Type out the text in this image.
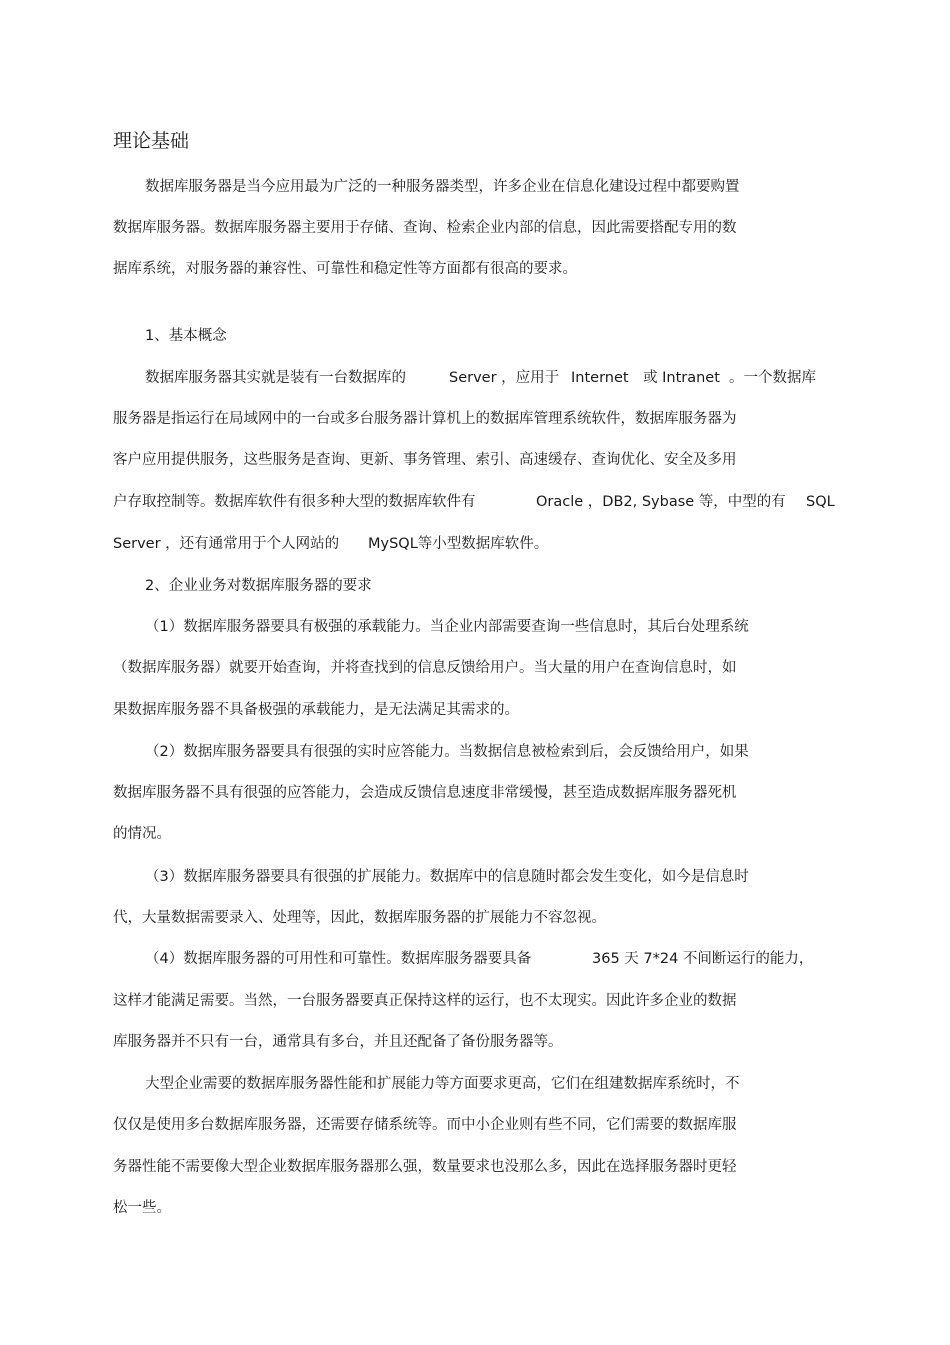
理论基础
数据库服务器是当今应用最为广泛的一种服务器类型，许多企业在信息化建设过程中都要购置
数据库服务器。数据库服务器主要用于存储、查询、检索企业内部的信息，因此需要搭配专用的数
据库系统，对服务器的兼容性、可靠性和稳定性等方面都有很高的要求。
1、基本概念
数据库服务器其实就是装有一台数据库的	Server ，应用于 Internet 或 Intranet 。一个数据库
服务器是指运行在局域网中的一台或多台服务器计算机上的数据库管理系统软件，数据库服务器为
客户应用提供服务，这些服务是查询、更新、事务管理、索引、高速缓存、查询优化、安全及多用
户存取控制等。数据库软件有很多种大型的数据库软件有	Oracle ，DB2, Sybase 等，中型的有 SQL
Server ，还有通常用于个人网站的 MySQL等小型数据库软件。
2、企业业务对数据库服务器的要求
（1）数据库服务器要具有极强的承载能力。当企业内部需要查询一些信息时，其后台处理系统
（数据库服务器）就要开始查询，并将查找到的信息反馈给用户。当大量的用户在查询信息时，如
果数据库服务器不具备极强的承载能力，是无法满足其需求的。
（2）数据库服务器要具有很强的实时应答能力。当数据信息被检索到后，会反馈给用户，如果
数据库服务器不具有很强的应答能力，会造成反馈信息速度非常缓慢，甚至造成数据库服务器死机
的情况。
（3）数据库服务器要具有很强的扩展能力。数据库中的信息随时都会发生变化，如今是信息时
代，大量数据需要录入、处理等，因此，数据库服务器的扩展能力不容忽视。
（4）数据库服务器的可用性和可靠性。数据库服务器要具备	365 天 7*24 不间断运行的能力，
这样才能满足需要。当然，一台服务器要真正保持这样的运行，也不太现实。因此许多企业的数据
库服务器并不只有一台，通常具有多台，并且还配备了备份服务器等。
大型企业需要的数据库服务器性能和扩展能力等方面要求更高，它们在组建数据库系统时，不
仅仅是使用多台数据库服务器，还需要存储系统等。而中小企业则有些不同，它们需要的数据库服
务器性能不需要像大型企业数据库服务器那么强，数量要求也没那么多，因此在选择服务器时更轻
松一些。
